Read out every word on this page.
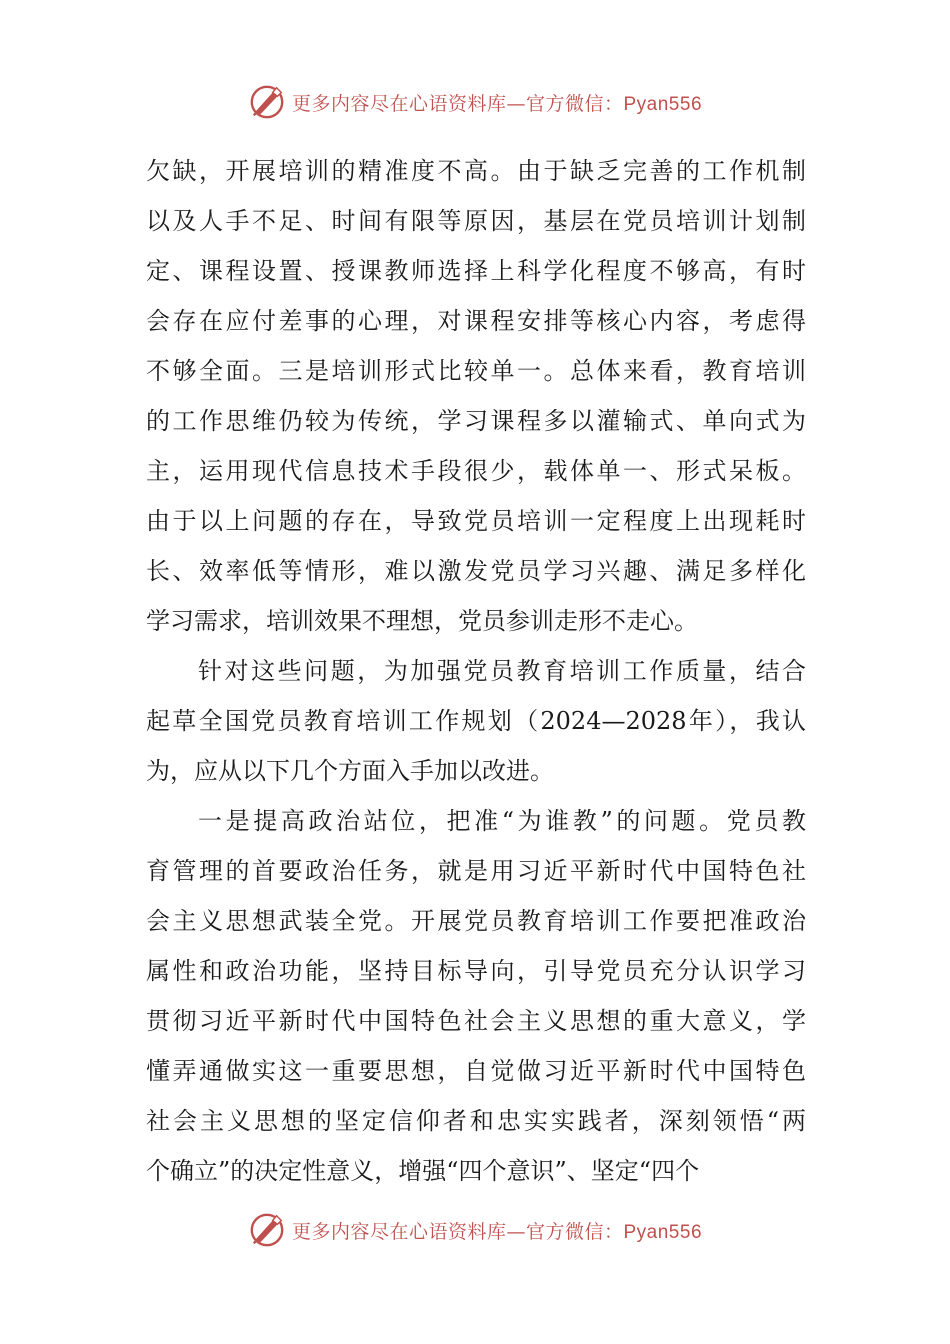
更多内容尽在心语资料库—官方微信：Pyan556
欠缺，开展培训的精准度不高。由于缺乏完善的工作机制
以及人手不足、时间有限等原因，基层在党员培训计划制
定、课程设置、授课教师选择上科学化程度不够高，有时
会存在应付差事的心理，对课程安排等核心内容，考虑得
不够全面。三是培训形式比较单一。总体来看，教育培训
的工作思维仍较为传统，学习课程多以灌输式、单向式为
主，运用现代信息技术手段很少，载体单一、形式呆板。
由于以上问题的存在，导致党员培训一定程度上出现耗时
长、效率低等情形，难以激发党员学习兴趣、满足多样化
学习需求，培训效果不理想，党员参训走形不走心。
针对这些问题，为加强党员教育培训工作质量，结合
起草全国党员教育培训工作规划（2024—2028年），我认
为，应从以下几个方面入手加以改进。
一是提高政治站位，把准“为谁教”的问题。党员教
育管理的首要政治任务，就是用习近平新时代中国特色社
会主义思想武装全党。开展党员教育培训工作要把准政治
属性和政治功能，坚持目标导向，引导党员充分认识学习
贯彻习近平新时代中国特色社会主义思想的重大意义，学
懂弄通做实这一重要思想，自觉做习近平新时代中国特色
社会主义思想的坚定信仰者和忠实实践者，深刻领悟“两
个确立”的决定性意义，增强“四个意识”、坚定“四个
更多内容尽在心语资料库—官方微信：Pyan556
